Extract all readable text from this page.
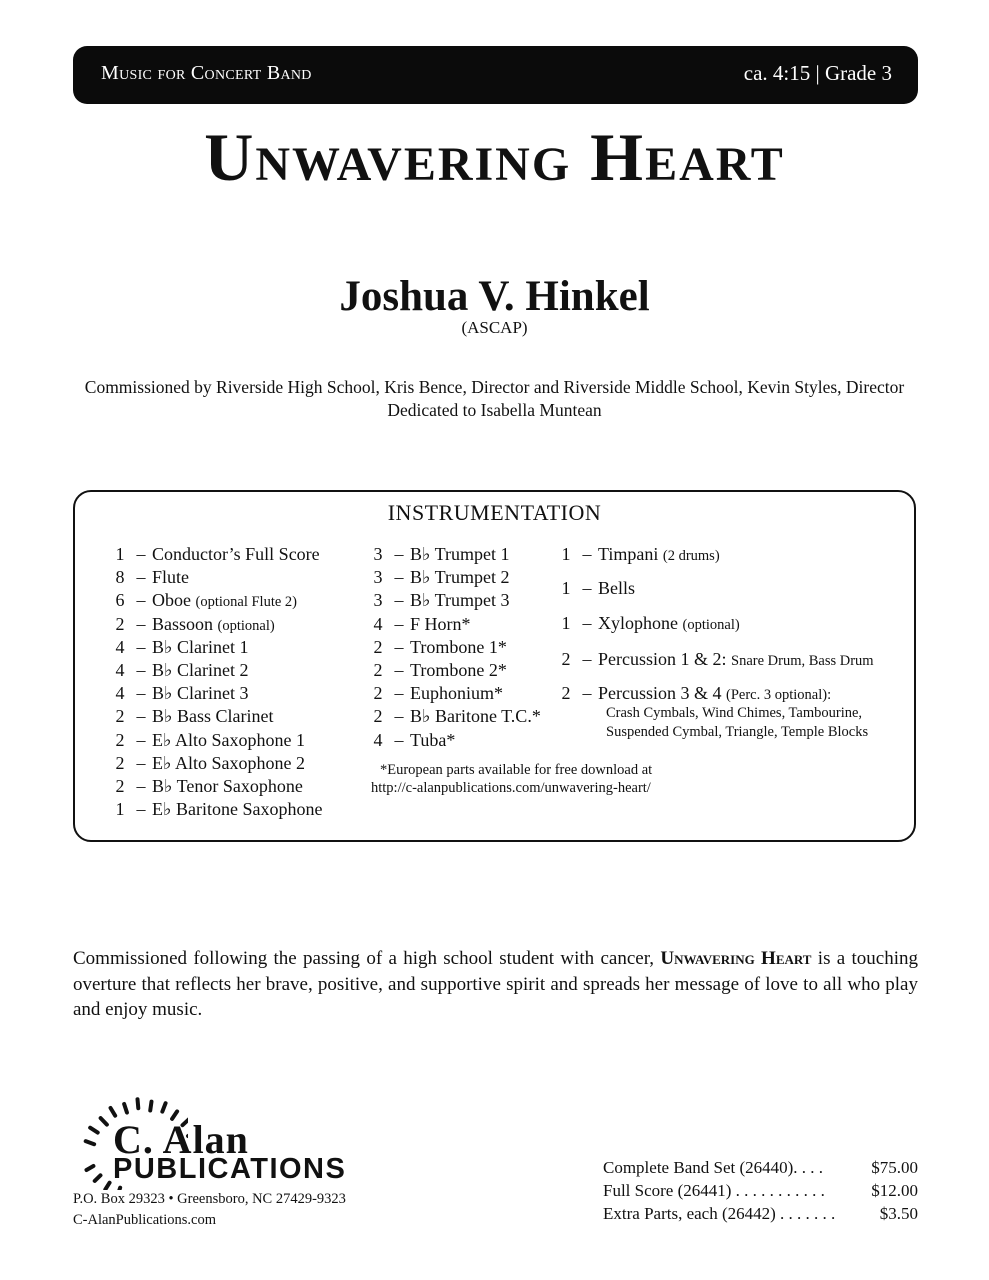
Music for Concert Band	ca. 4:15 | Grade 3
Unwavering Heart
Joshua V. Hinkel
(ASCAP)
Commissioned by Riverside High School, Kris Bence, Director and Riverside Middle School, Kevin Styles, Director
Dedicated to Isabella Muntean
INSTRUMENTATION
1 – Conductor’s Full Score
8 – Flute
6 – Oboe (optional Flute 2)
2 – Bassoon (optional)
4 – B♭ Clarinet 1
4 – B♭ Clarinet 2
4 – B♭ Clarinet 3
2 – B♭ Bass Clarinet
2 – E♭ Alto Saxophone 1
2 – E♭ Alto Saxophone 2
2 – B♭ Tenor Saxophone
1 – E♭ Baritone Saxophone
3 – B♭ Trumpet 1
3 – B♭ Trumpet 2
3 – B♭ Trumpet 3
4 – F Horn*
2 – Trombone 1*
2 – Trombone 2*
2 – Euphonium*
2 – B♭ Baritone T.C.*
4 – Tuba*
1 – Timpani (2 drums)
1 – Bells
1 – Xylophone (optional)
2 – Percussion 1 & 2: Snare Drum, Bass Drum
2 – Percussion 3 & 4 (Perc. 3 optional):
Crash Cymbals, Wind Chimes, Tambourine,
Suspended Cymbal, Triangle, Temple Blocks
*European parts available for free download at
http://c-alanpublications.com/unwavering-heart/
Commissioned following the passing of a high school student with cancer, Unwavering Heart is a touching overture that reflects her brave, positive, and supportive spirit and spreads her message of love to all who play and enjoy music.
C. Alan
PUBLICATIONS
P.O. Box 29323 • Greensboro, NC 27429-9323
C-AlanPublications.com
Complete Band Set (26440). . . .	$75.00
Full Score (26441) . . . . . . . . . . .	$12.00
Extra Parts, each (26442) . . . . . . .	$3.50
